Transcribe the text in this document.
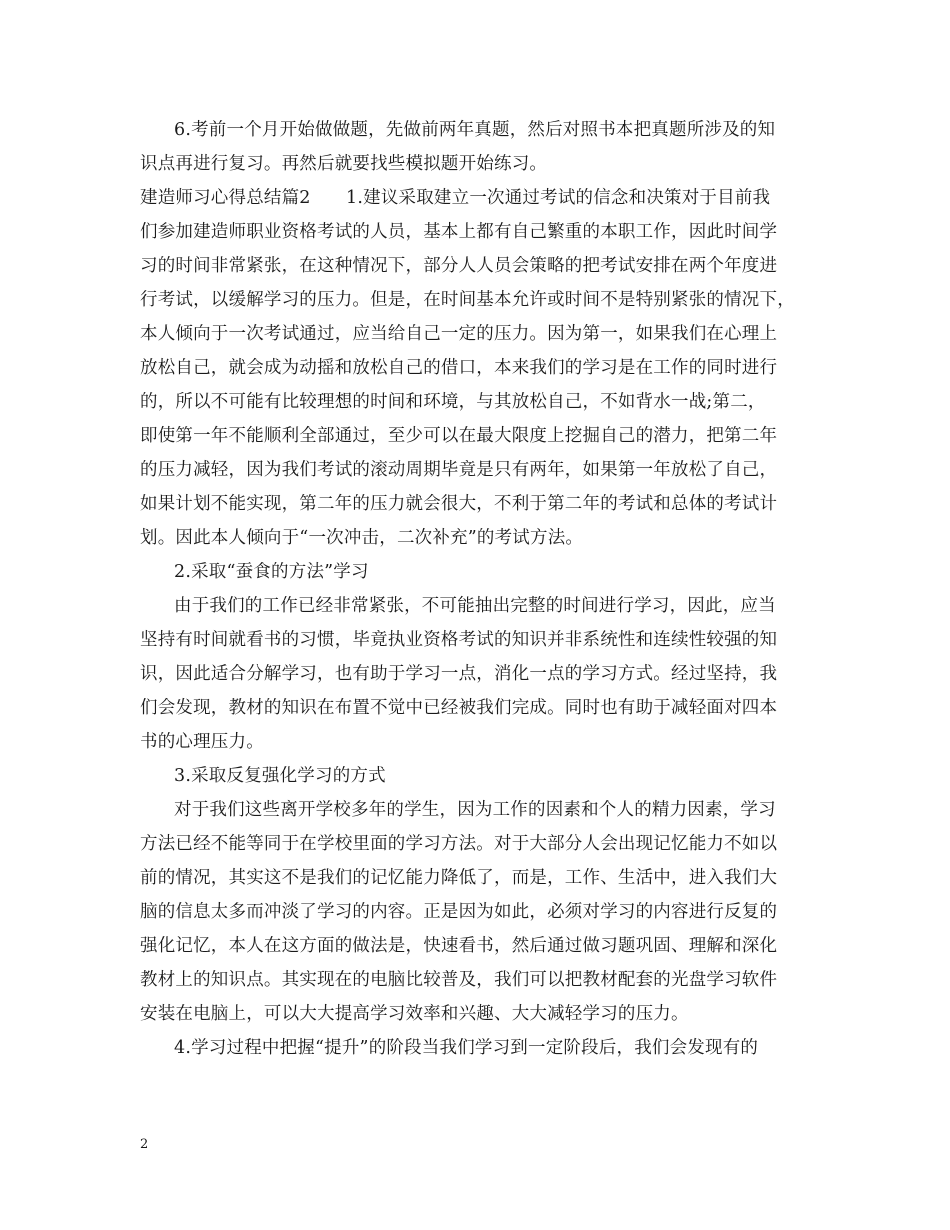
6.考前一个月开始做做题，先做前两年真题，然后对照书本把真题所涉及的知
识点再进行复习。再然后就要找些模拟题开始练习。
建造师习心得总结篇2　　1.建议采取建立一次通过考试的信念和决策对于目前我
们参加建造师职业资格考试的人员，基本上都有自己繁重的本职工作，因此时间学
习的时间非常紧张，在这种情况下，部分人人员会策略的把考试安排在两个年度进
行考试，以缓解学习的压力。但是，在时间基本允许或时间不是特别紧张的情况下，
本人倾向于一次考试通过，应当给自己一定的压力。因为第一，如果我们在心理上
放松自己，就会成为动摇和放松自己的借口，本来我们的学习是在工作的同时进行
的，所以不可能有比较理想的时间和环境，与其放松自己，不如背水一战;第二，
即使第一年不能顺利全部通过，至少可以在最大限度上挖掘自己的潜力，把第二年
的压力减轻，因为我们考试的滚动周期毕竟是只有两年，如果第一年放松了自己，
如果计划不能实现，第二年的压力就会很大，不利于第二年的考试和总体的考试计
划。因此本人倾向于“一次冲击，二次补充”的考试方法。
2.采取“蚕食的方法”学习
由于我们的工作已经非常紧张，不可能抽出完整的时间进行学习，因此，应当
坚持有时间就看书的习惯，毕竟执业资格考试的知识并非系统性和连续性较强的知
识，因此适合分解学习，也有助于学习一点，消化一点的学习方式。经过坚持，我
们会发现，教材的知识在布置不觉中已经被我们完成。同时也有助于减轻面对四本
书的心理压力。
3.采取反复强化学习的方式
对于我们这些离开学校多年的学生，因为工作的因素和个人的精力因素，学习
方法已经不能等同于在学校里面的学习方法。对于大部分人会出现记忆能力不如以
前的情况，其实这不是我们的记忆能力降低了，而是，工作、生活中，进入我们大
脑的信息太多而冲淡了学习的内容。正是因为如此，必须对学习的内容进行反复的
强化记忆，本人在这方面的做法是，快速看书，然后通过做习题巩固、理解和深化
教材上的知识点。其实现在的电脑比较普及，我们可以把教材配套的光盘学习软件
安装在电脑上，可以大大提高学习效率和兴趣、大大减轻学习的压力。
4.学习过程中把握“提升”的阶段当我们学习到一定阶段后，我们会发现有的
2
